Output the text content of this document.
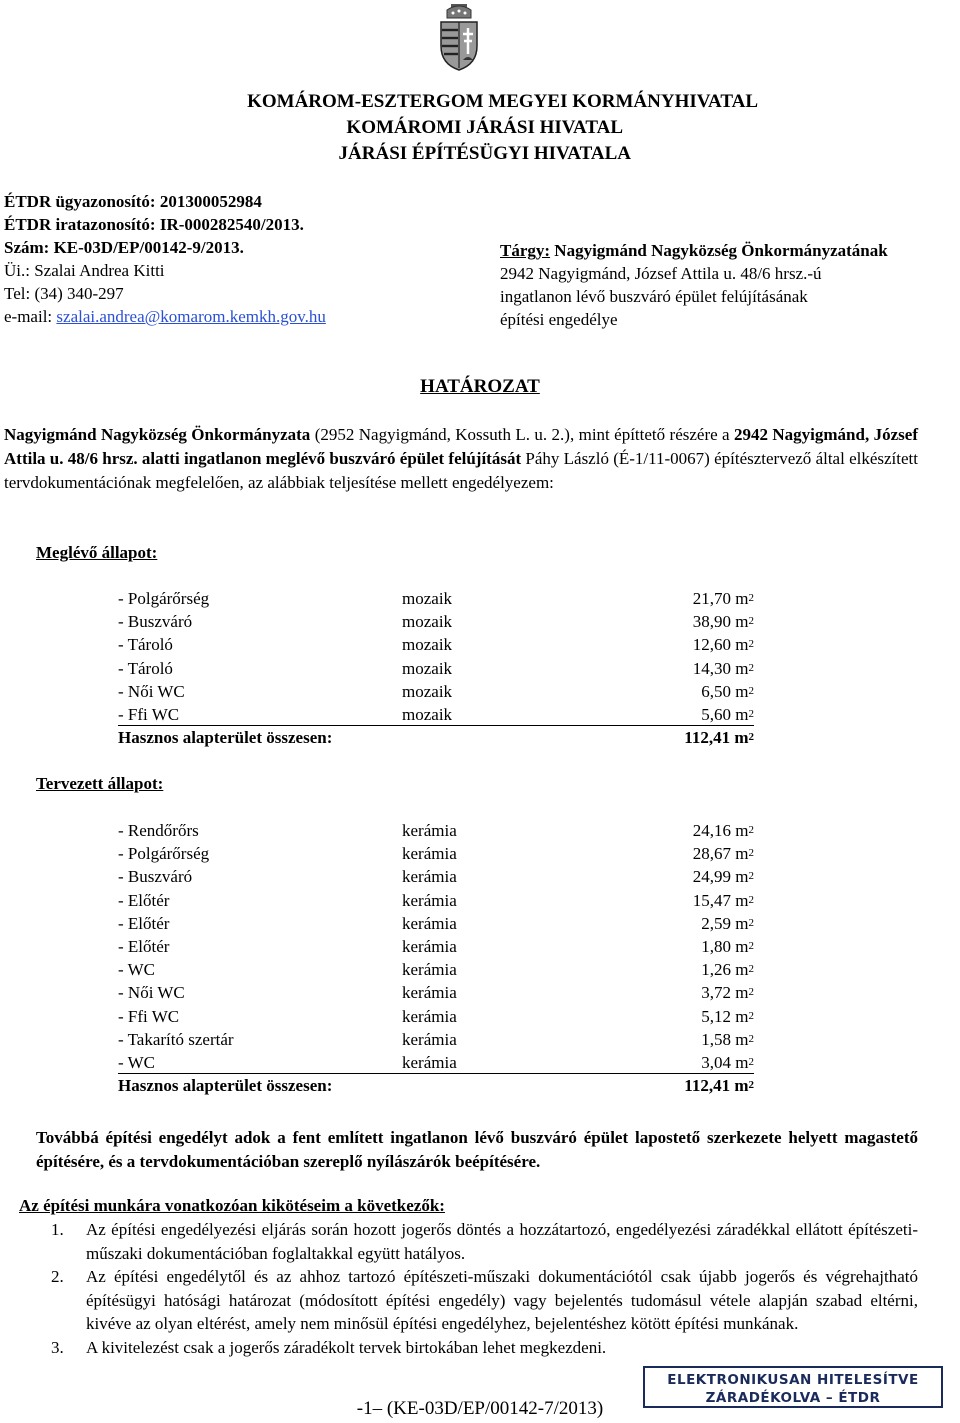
KOMÁROM-ESZTERGOM MEGYEI KORMÁNYHIVATAL
KOMÁROMI JÁRÁSI HIVATAL
JÁRÁSI ÉPÍTÉSÜGYI HIVATALA
ÉTDR ügyazonosító: 201300052984
ÉTDR iratazonosító: IR-000282540/2013.
Szám: KE-03D/EP/00142-9/2013.
Üi.: Szalai Andrea Kitti
Tel: (34) 340-297
e-mail: szalai.andrea@komarom.kemkh.gov.hu
Tárgy: Nagyigmánd Nagyközség Önkormányzatának
2942 Nagyigmánd, József Attila u. 48/6 hrsz.-ú
ingatlanon lévő buszváró épület felújításának
építési engedélye
HATÁROZAT
Nagyigmánd Nagyközség Önkormányzata (2952 Nagyigmánd, Kossuth L. u. 2.), mint építtető részére a 2942 Nagyigmánd, József Attila u. 48/6 hrsz. alatti ingatlanon meglévő buszváró épület felújítását Páhy László (É-1/11-0067) építésztervező által elkészített tervdokumentációnak megfelelően, az alábbiak teljesítése mellett engedélyezem:
Meglévő állapot:
- Polgárőrség	mozaik	21,70 $m^2$
- Buszváró	mozaik	38,90 $m^2$
- Tároló	mozaik	12,60 $m^2$
- Tároló	mozaik	14,30 $m^2$
- Női WC	mozaik	6,50 $m^2$
- Ffi WC	mozaik	5,60 $m^2$
Hasznos alapterület összesen:	112,41 $m^2$
Tervezett állapot:
- Rendőrőrs	kerámia	24,16 $m^2$
- Polgárőrség	kerámia	28,67 $m^2$
- Buszváró	kerámia	24,99 $m^2$
- Előtér	kerámia	15,47 $m^2$
- Előtér	kerámia	2,59 $m^2$
- Előtér	kerámia	1,80 $m^2$
- WC	kerámia	1,26 $m^2$
- Női WC	kerámia	3,72 $m^2$
- Ffi WC	kerámia	5,12 $m^2$
- Takarító szertár	kerámia	1,58 $m^2$
- WC	kerámia	3,04 $m^2$
Hasznos alapterület összesen:	112,41 $m^2$
Továbbá építési engedélyt adok a fent említett ingatlanon lévő buszváró épület lapostető szerkezete helyett magastető építésére, és a tervdokumentációban szereplő nyílászárók beépítésére.
Az építési munkára vonatkozóan kikötéseim a következők:
1. Az építési engedélyezési eljárás során hozott jogerős döntés a hozzátartozó, engedélyezési záradékkal ellátott építészeti-műszaki dokumentációban foglaltakkal együtt hatályos.
2. Az építési engedélytől és az ahhoz tartozó építészeti-műszaki dokumentációtól csak újabb jogerős és végrehajtható építésügyi hatósági határozat (módosított építési engedély) vagy bejelentés tudomásul vétele alapján szabad eltérni, kivéve az olyan eltérést, amely nem minősül építési engedélyhez, bejelentéshez kötött építési munkának.
3. A kivitelezést csak a jogerős záradékolt tervek birtokában lehet megkezdeni.
-1– (KE-03D/EP/00142-7/2013)
ELEKTRONIKUSAN HITELESÍTVE
ZÁRADÉKOLVA – ÉTDR
